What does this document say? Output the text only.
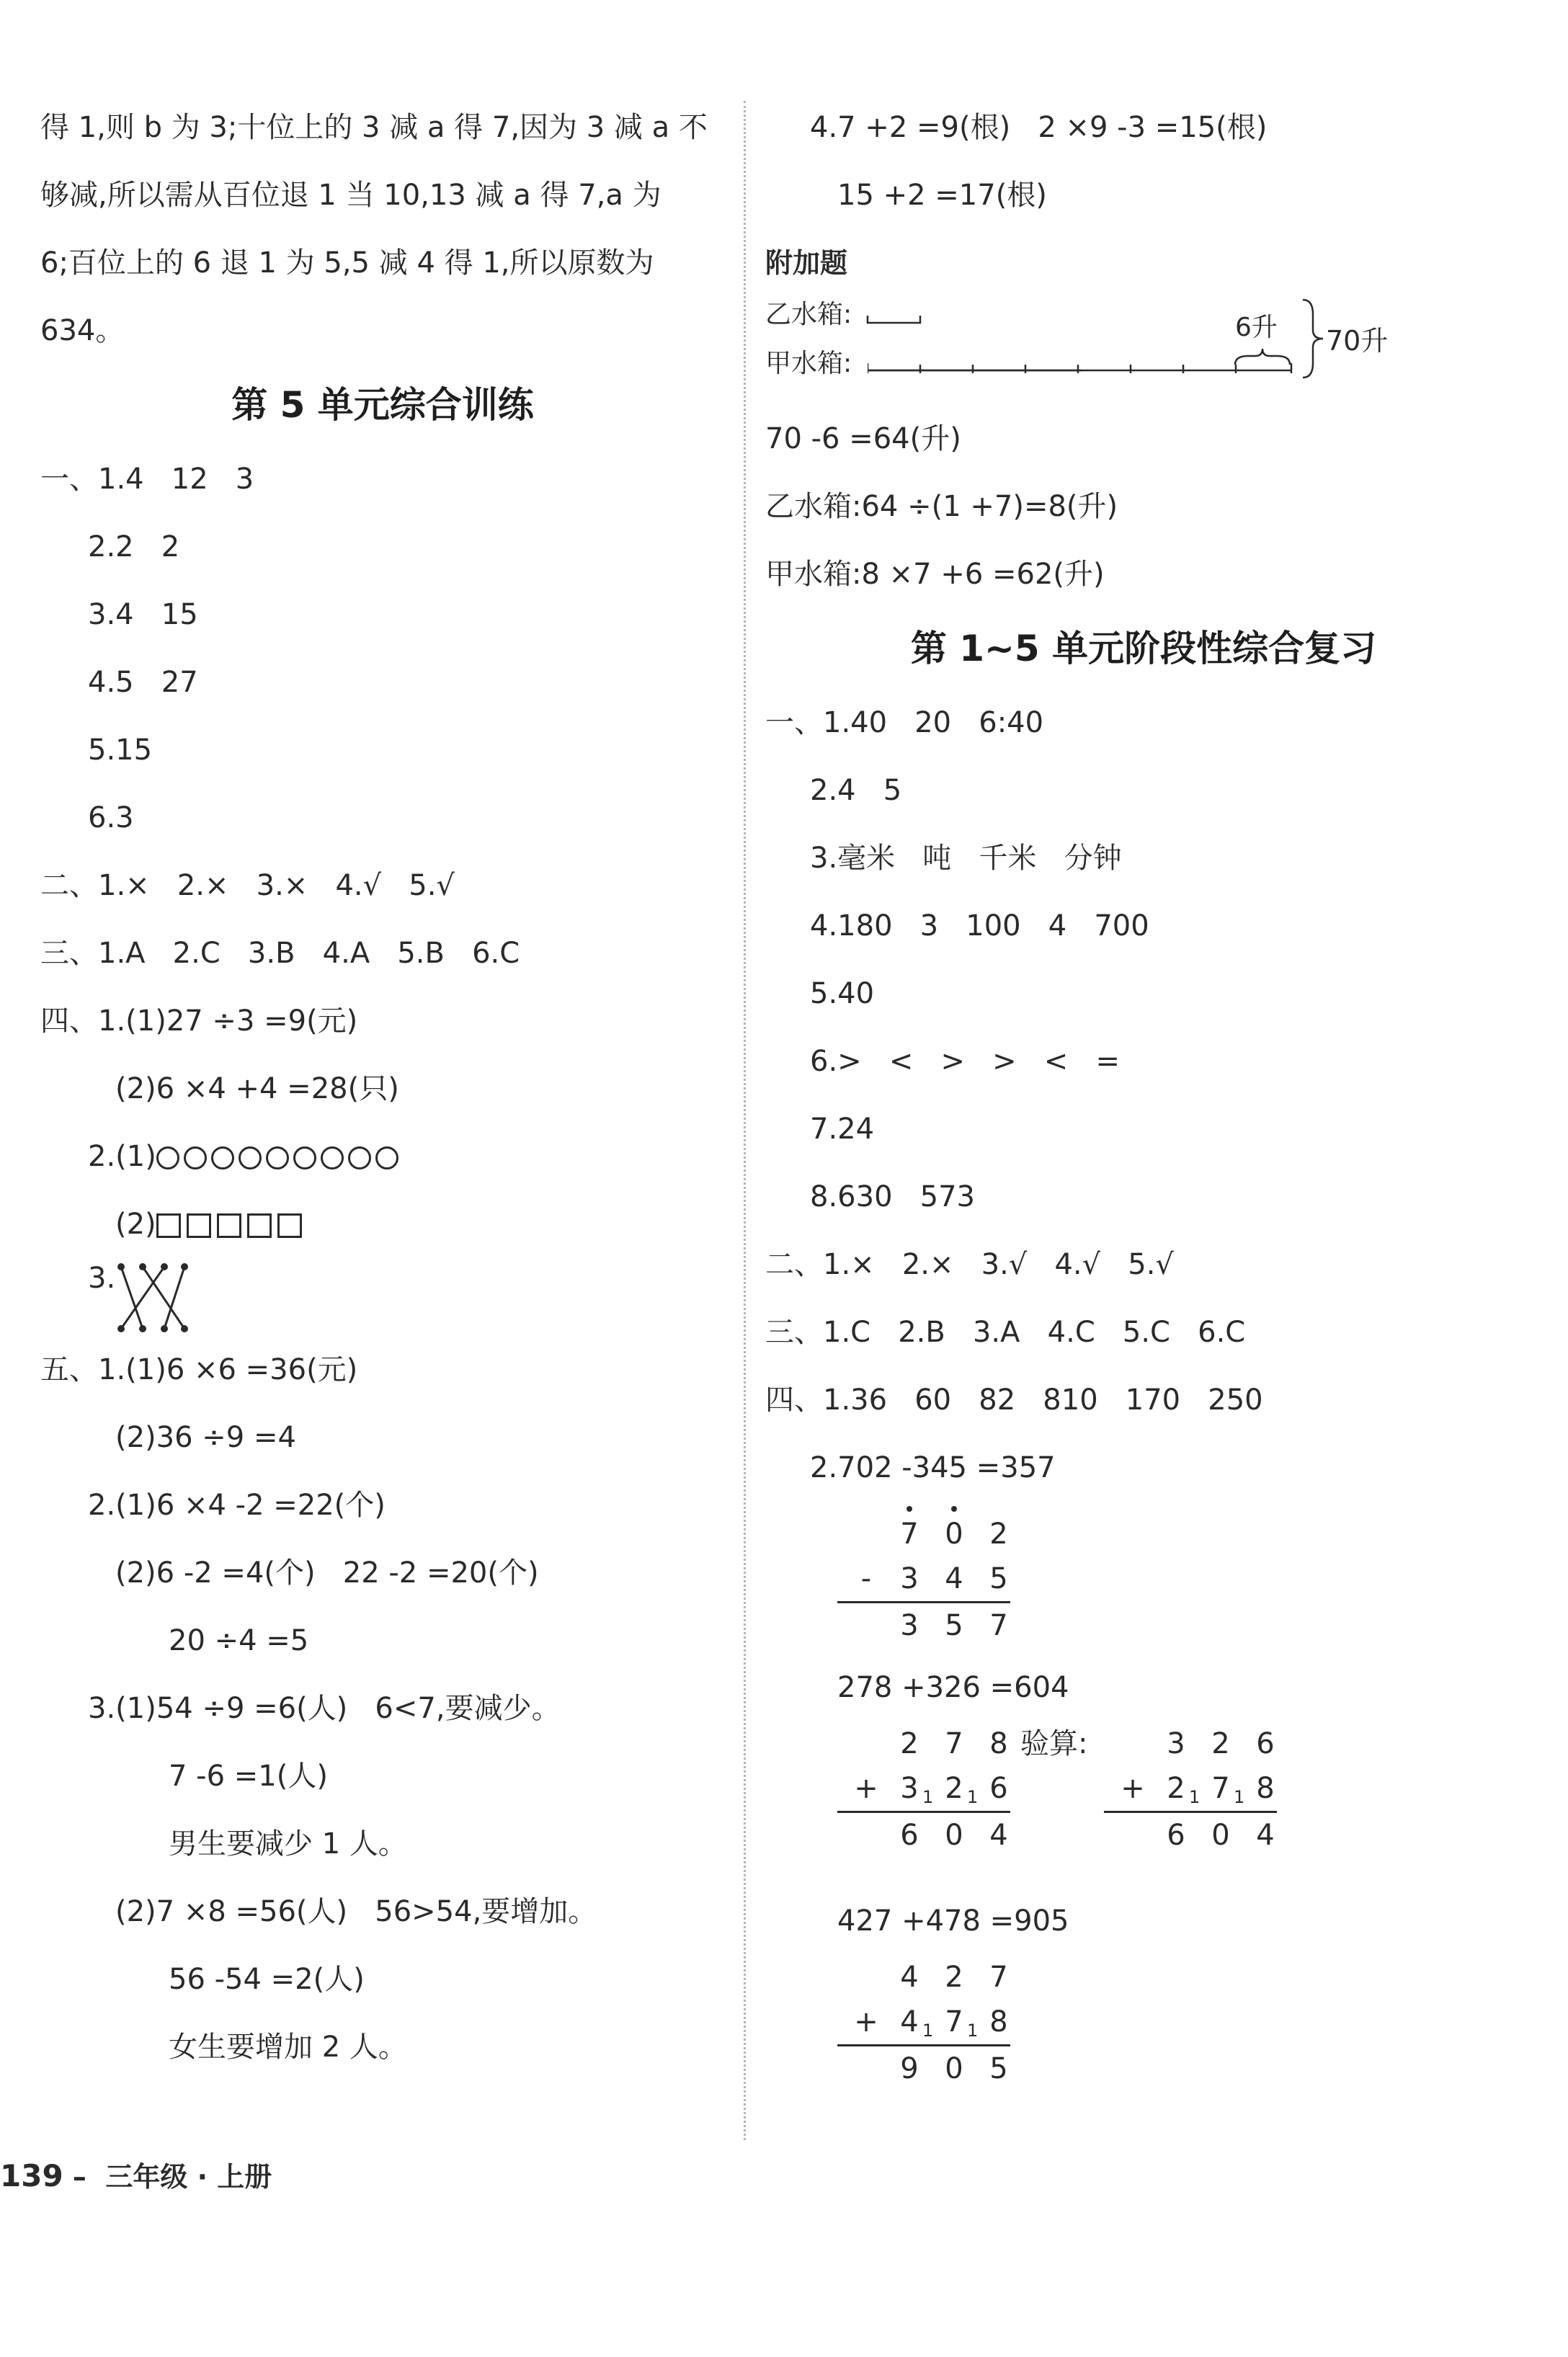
得 1,则 b 为 3;十位上的 3 减 a 得 7,因为 3 减 a 不
够减,所以需从百位退 1 当 10,13 减 a 得 7,a 为
6;百位上的 6 退 1 为 5,5 减 4 得 1,所以原数为
634。
第 5 单元综合训练
一、1.4   12   3
2.2   2
3.4   15
4.5   27
5.15
6.3
二、1.×   2.×   3.×   4.√   5.√
三、1.A   2.C   3.B   4.A   5.B   6.C
四、1.(1)27 ÷3 =9(元)
(2)6 ×4 +4 =28(只)
2.(1)
(2)
3.
五、1.(1)6 ×6 =36(元)
(2)36 ÷9 =4
2.(1)6 ×4 -2 =22(个)
(2)6 -2 =4(个)   22 -2 =20(个)
20 ÷4 =5
3.(1)54 ÷9 =6(人)   6<7,要减少。
7 -6 =1(人)
男生要减少 1 人。
(2)7 ×8 =56(人)   56>54,要增加。
56 -54 =2(人)
女生要增加 2 人。
4.7 +2 =9(根)   2 ×9 -3 =15(根)
15 +2 =17(根)
附加题
乙水箱:
甲水箱:
6升 70升
70 -6 =64(升)
乙水箱:64 ÷(1 +7)=8(升)
甲水箱:8 ×7 +6 =62(升)
第 1~5 单元阶段性综合复习
一、1.40   20   6:40
2.4   5
3.毫米   吨   千米   分钟
4.180   3   100   4   700
5.40
6.>   <   >   >   <   =
7.24
8.630   573
二、1.×   2.×   3.√   4.√   5.√
三、1.C   2.B   3.A   4.C   5.C   6.C
四、1.36   60   82   810   170   250
2.702 -345 =357

7

0

2

-

	3

4

5

3

5

7

278 +326 =604

2

7

8

+

3

1

2

1

6

6

0

4

验算:

	3

2

6

+

2

1

7

1

8

6

0

4

427 +478 =905

4

2

7

+

4

1

7

1

8

9

0

5

139 –  三年级 · 上册
